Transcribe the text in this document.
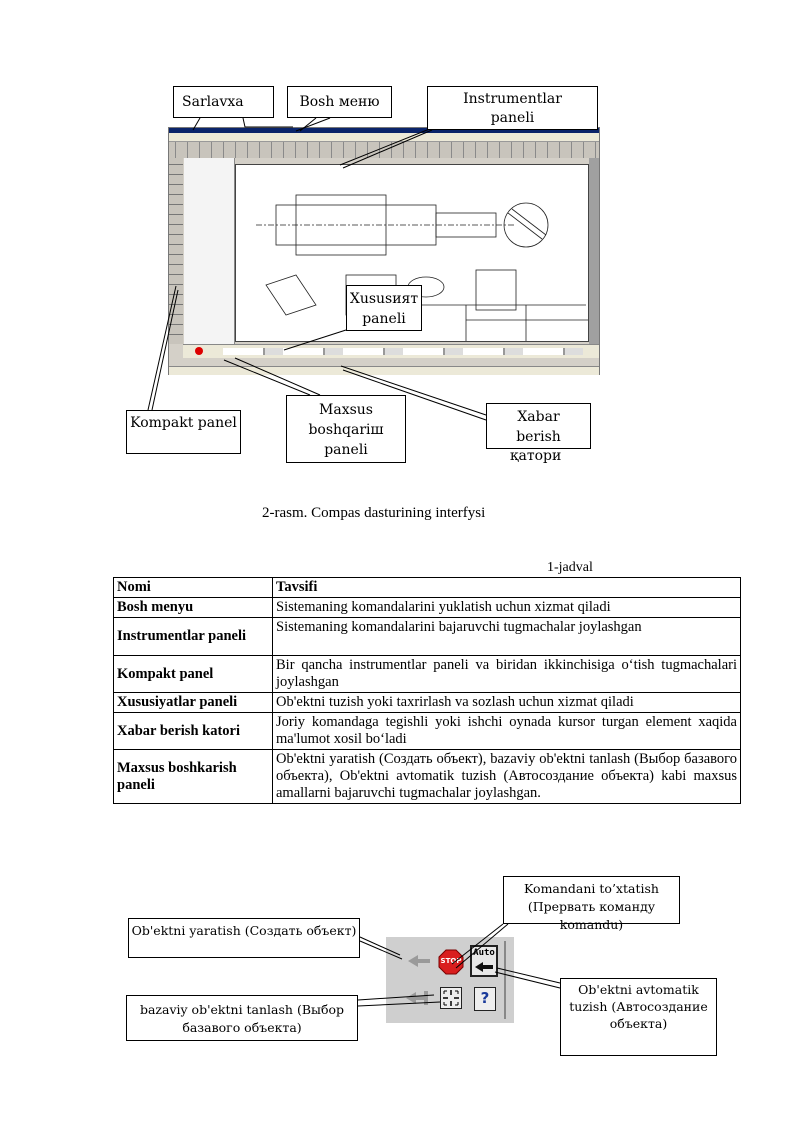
Sarlavxa	Bosh меню	Instrumentlar paneli
Xususият paneli
Kompakt panel
Maxsus boshqariш paneli
Xabar
berish
қатори
2-rasm. Compas dasturining interfysi
1-jadval
Nomi	Tavsifi
Bosh menyu	Sistemaning komandalarini yuklatish uchun xizmat qiladi
Instrumentlar paneli	Sistemaning komandalarini bajaruvchi tugmachalar joylashgan
Kompakt panel	Bir qancha instrumentlar paneli va biridan ikkinchisiga o‘tish tugmachalari joylashgan
Xususiyatlar paneli	Ob'ektni tuzish yoki taxrirlash va sozlash uchun xizmat qiladi
Xabar berish katori	Joriy komandaga tegishli yoki ishchi oynada kursor turgan element xaqida ma'lumot xosil bo‘ladi
Maxsus boshkarish paneli	Ob'ektni yaratish (Создать объект), bazaviy ob'ektni tanlash (Выбор базавого объекта), Ob'ektni avtomatik tuzish (Автосоздание объекта) kabi maxsus amallarni bajaruvchi tugmachalar joylashgan.
STOP
Auto
?
Komandani to’xtatish (Прервать команду komandu)
Ob'ektni yaratish (Создать объект)
bazaviy ob'ektni tanlash (Выбор базавого объекта)
Ob'ektni avtomatik tuzish (Автосоздание объекта)
